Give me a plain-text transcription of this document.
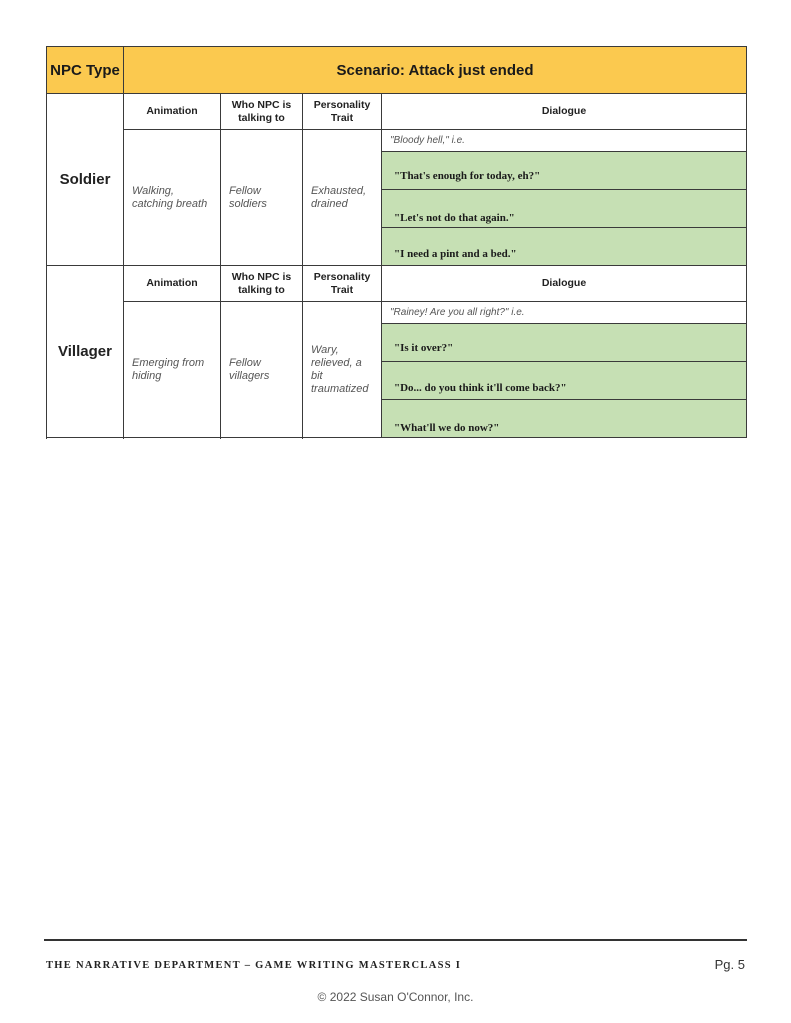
NPC Type	Scenario: Attack just ended			
Soldier	Animation	Who NPC is talking to	Personality Trait	Dialogue
	Walking, catching breath	Fellow soldiers	Exhausted, drained	"Bloody hell," i.e.
				"That's enough for today, eh?"
				"Let's not do that again."
				"I need a pint and a bed."

Villager	Animation	Who NPC is talking to	Personality Trait	Dialogue
	Emerging from hiding	Fellow villagers	Wary, relieved, a bit traumatized	"Rainey! Are you all right?" i.e.
				"Is it over?"
				"Do... do you think it'll come back?"
				"What'll we do now?"

THE NARRATIVE DEPARTMENT – GAME WRITING MASTERCLASS I	Pg. 5
© 2022 Susan O'Connor, Inc.
